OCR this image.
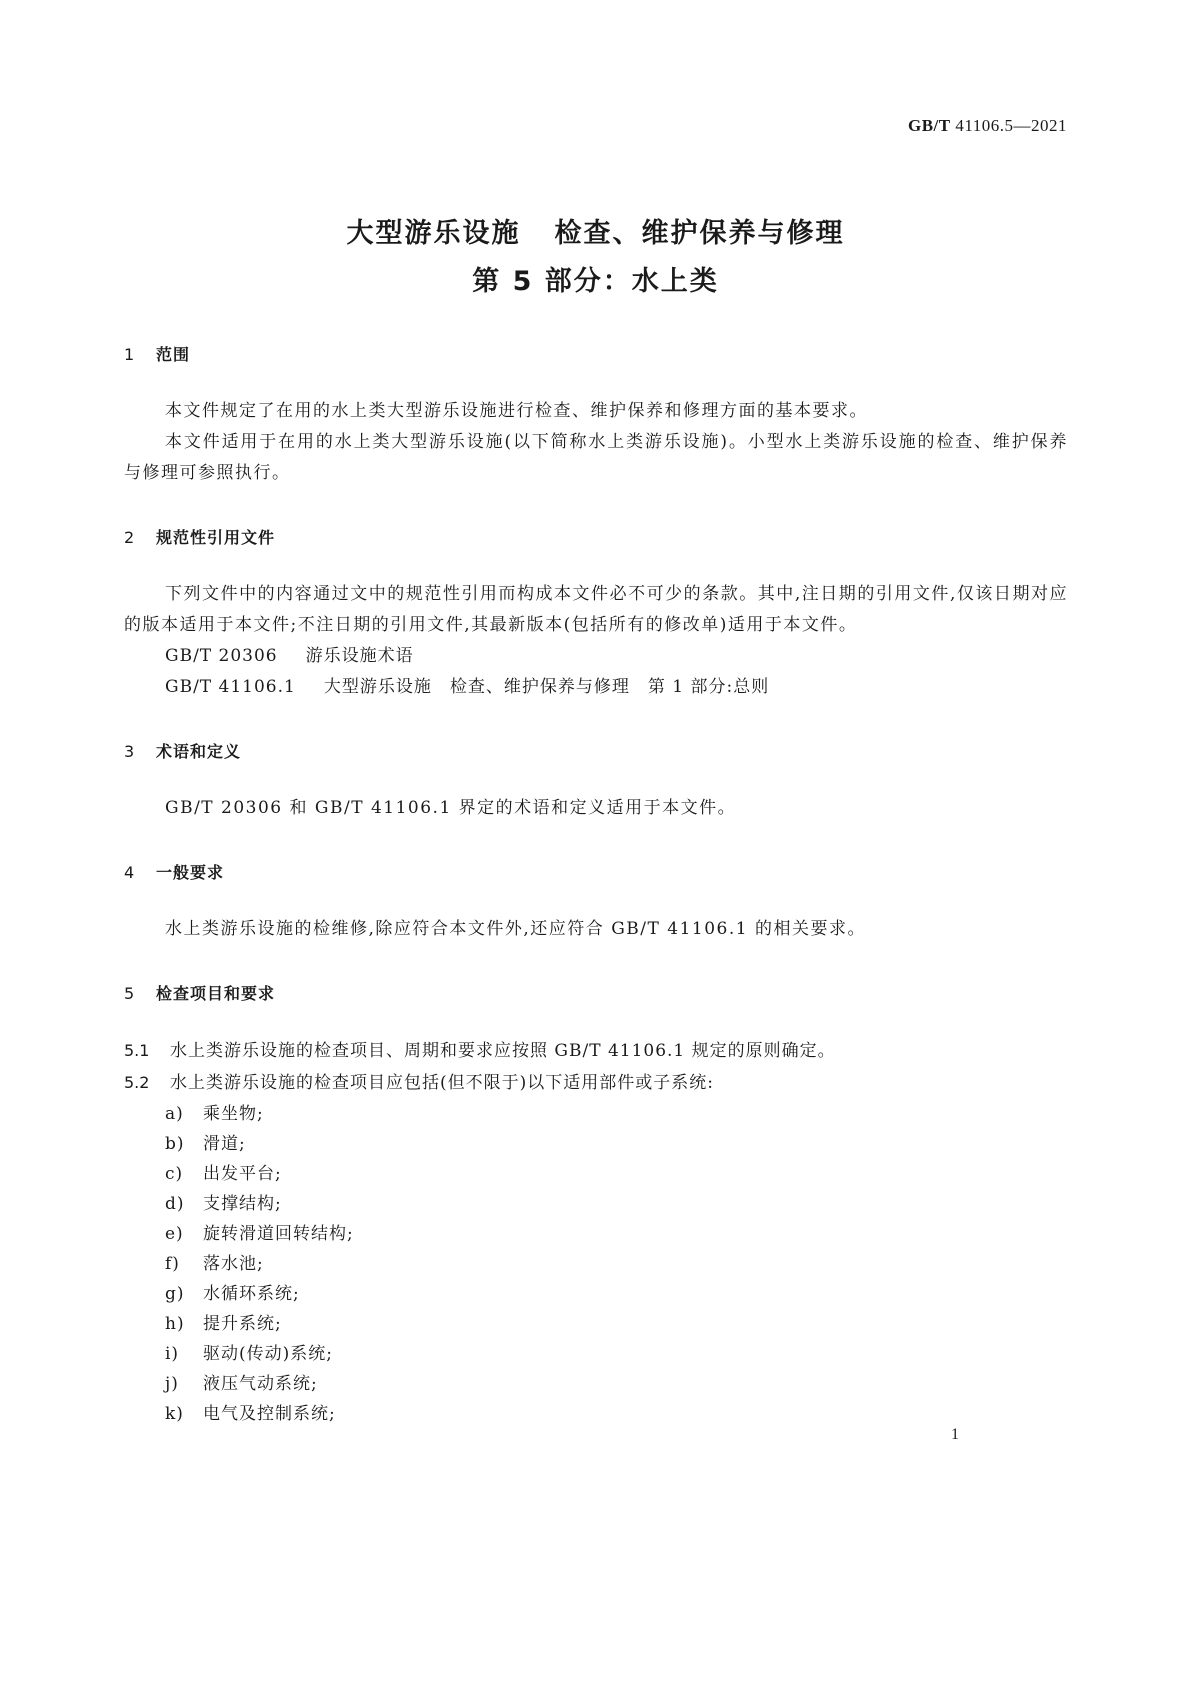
GB/T 41106.5—2021
大型游乐设施 检查、维护保养与修理
第 5 部分：水上类
1 范围
本文件规定了在用的水上类大型游乐设施进行检查、维护保养和修理方面的基本要求。
本文件适用于在用的水上类大型游乐设施(以下简称水上类游乐设施)。小型水上类游乐设施的检查、维护保养与修理可参照执行。
2 规范性引用文件
下列文件中的内容通过文中的规范性引用而构成本文件必不可少的条款。其中,注日期的引用文件,仅该日期对应的版本适用于本文件;不注日期的引用文件,其最新版本(包括所有的修改单)适用于本文件。
GB/T 20306 游乐设施术语
GB/T 41106.1 大型游乐设施　检查、维护保养与修理　第 1 部分:总则
3 术语和定义
GB/T 20306 和 GB/T 41106.1 界定的术语和定义适用于本文件。
4 一般要求
水上类游乐设施的检维修,除应符合本文件外,还应符合 GB/T 41106.1 的相关要求。
5 检查项目和要求
5.1 水上类游乐设施的检查项目、周期和要求应按照 GB/T 41106.1 规定的原则确定。
5.2 水上类游乐设施的检查项目应包括(但不限于)以下适用部件或子系统:
a) 乘坐物;
b) 滑道;
c) 出发平台;
d) 支撑结构;
e) 旋转滑道回转结构;
f) 落水池;
g) 水循环系统;
h) 提升系统;
i) 驱动(传动)系统;
j) 液压气动系统;
k) 电气及控制系统;
1
